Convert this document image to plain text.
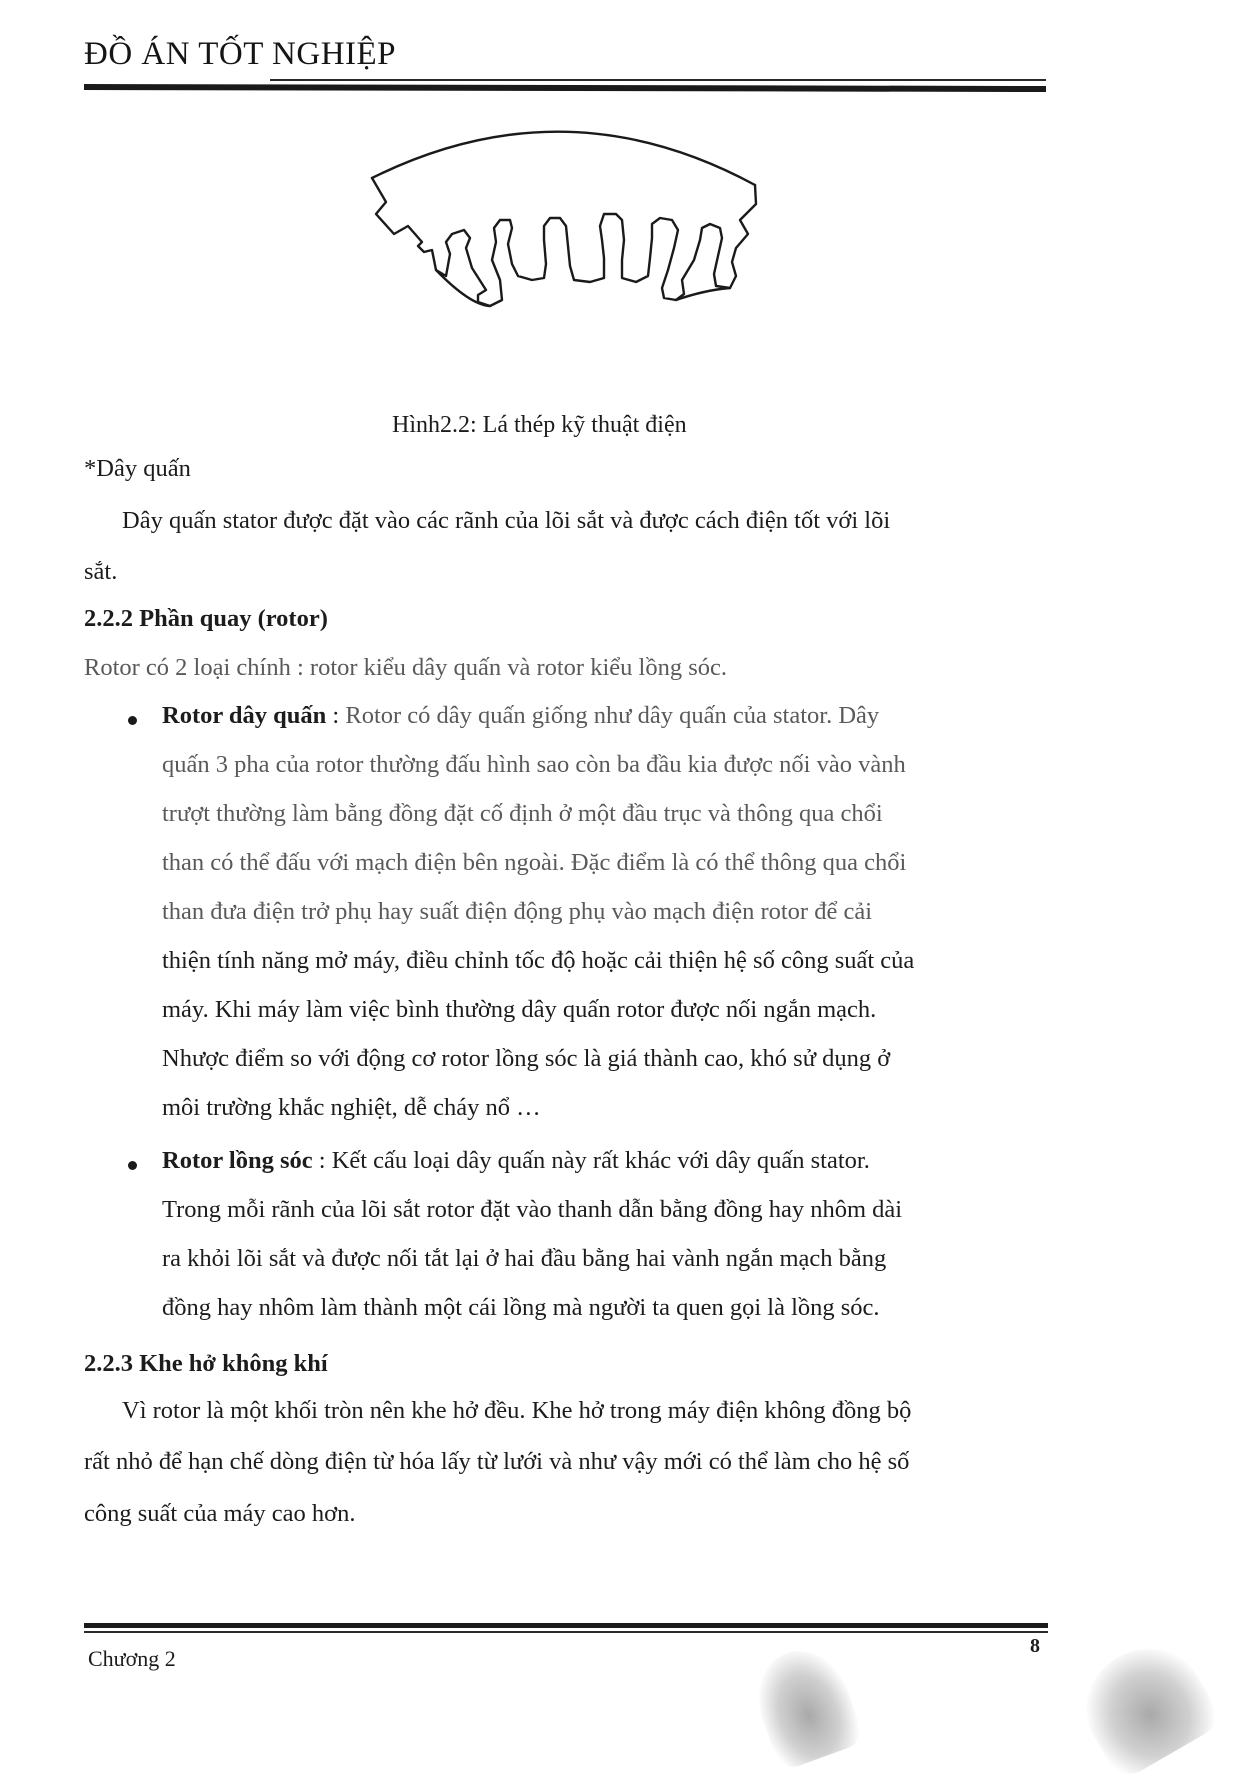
ĐỒ ÁN TỐT NGHIỆP
Hình2.2: Lá thép kỹ thuật điện
*Dây quấn
Dây quấn stator được đặt vào các rãnh của lõi sắt và được cách điện tốt với lõi
sắt.
2.2.2 Phần quay (rotor)
Rotor có 2 loại chính : rotor kiểu dây quấn và rotor kiểu lồng sóc.
Rotor dây quấn : Rotor có dây quấn giống như dây quấn của stator. Dây
quấn 3 pha của rotor thường đấu hình sao còn ba đầu kia được nối vào vành
trượt thường làm bằng đồng đặt cố định ở một đầu trục và thông qua chổi
than có thể đấu với mạch điện bên ngoài. Đặc điểm là có thể thông qua chổi
than đưa điện trở phụ hay suất điện động phụ vào mạch điện rotor để cải
thiện tính năng mở máy, điều chỉnh tốc độ hoặc cải thiện hệ số công suất của
máy. Khi máy làm việc bình thường dây quấn rotor được nối ngắn mạch.
Nhược điểm so với động cơ rotor lồng sóc là giá thành cao, khó sử dụng ở
môi trường khắc nghiệt, dễ cháy nổ …
Rotor lồng sóc : Kết cấu loại dây quấn này rất khác với dây quấn stator.
Trong mỗi rãnh của lõi sắt rotor đặt vào thanh dẫn bằng đồng hay nhôm dài
ra khỏi lõi sắt và được nối tắt lại ở hai đầu bằng hai vành ngắn mạch bằng
đồng hay nhôm làm thành một cái lồng mà người ta quen gọi là lồng sóc.
2.2.3 Khe hở không khí
Vì rotor là một khối tròn nên khe hở đều. Khe hở trong máy điện không đồng bộ
rất nhỏ để hạn chế dòng điện từ hóa lấy từ lưới và như vậy mới có thể làm cho hệ số
công suất của máy cao hơn.
Chương 2	8
